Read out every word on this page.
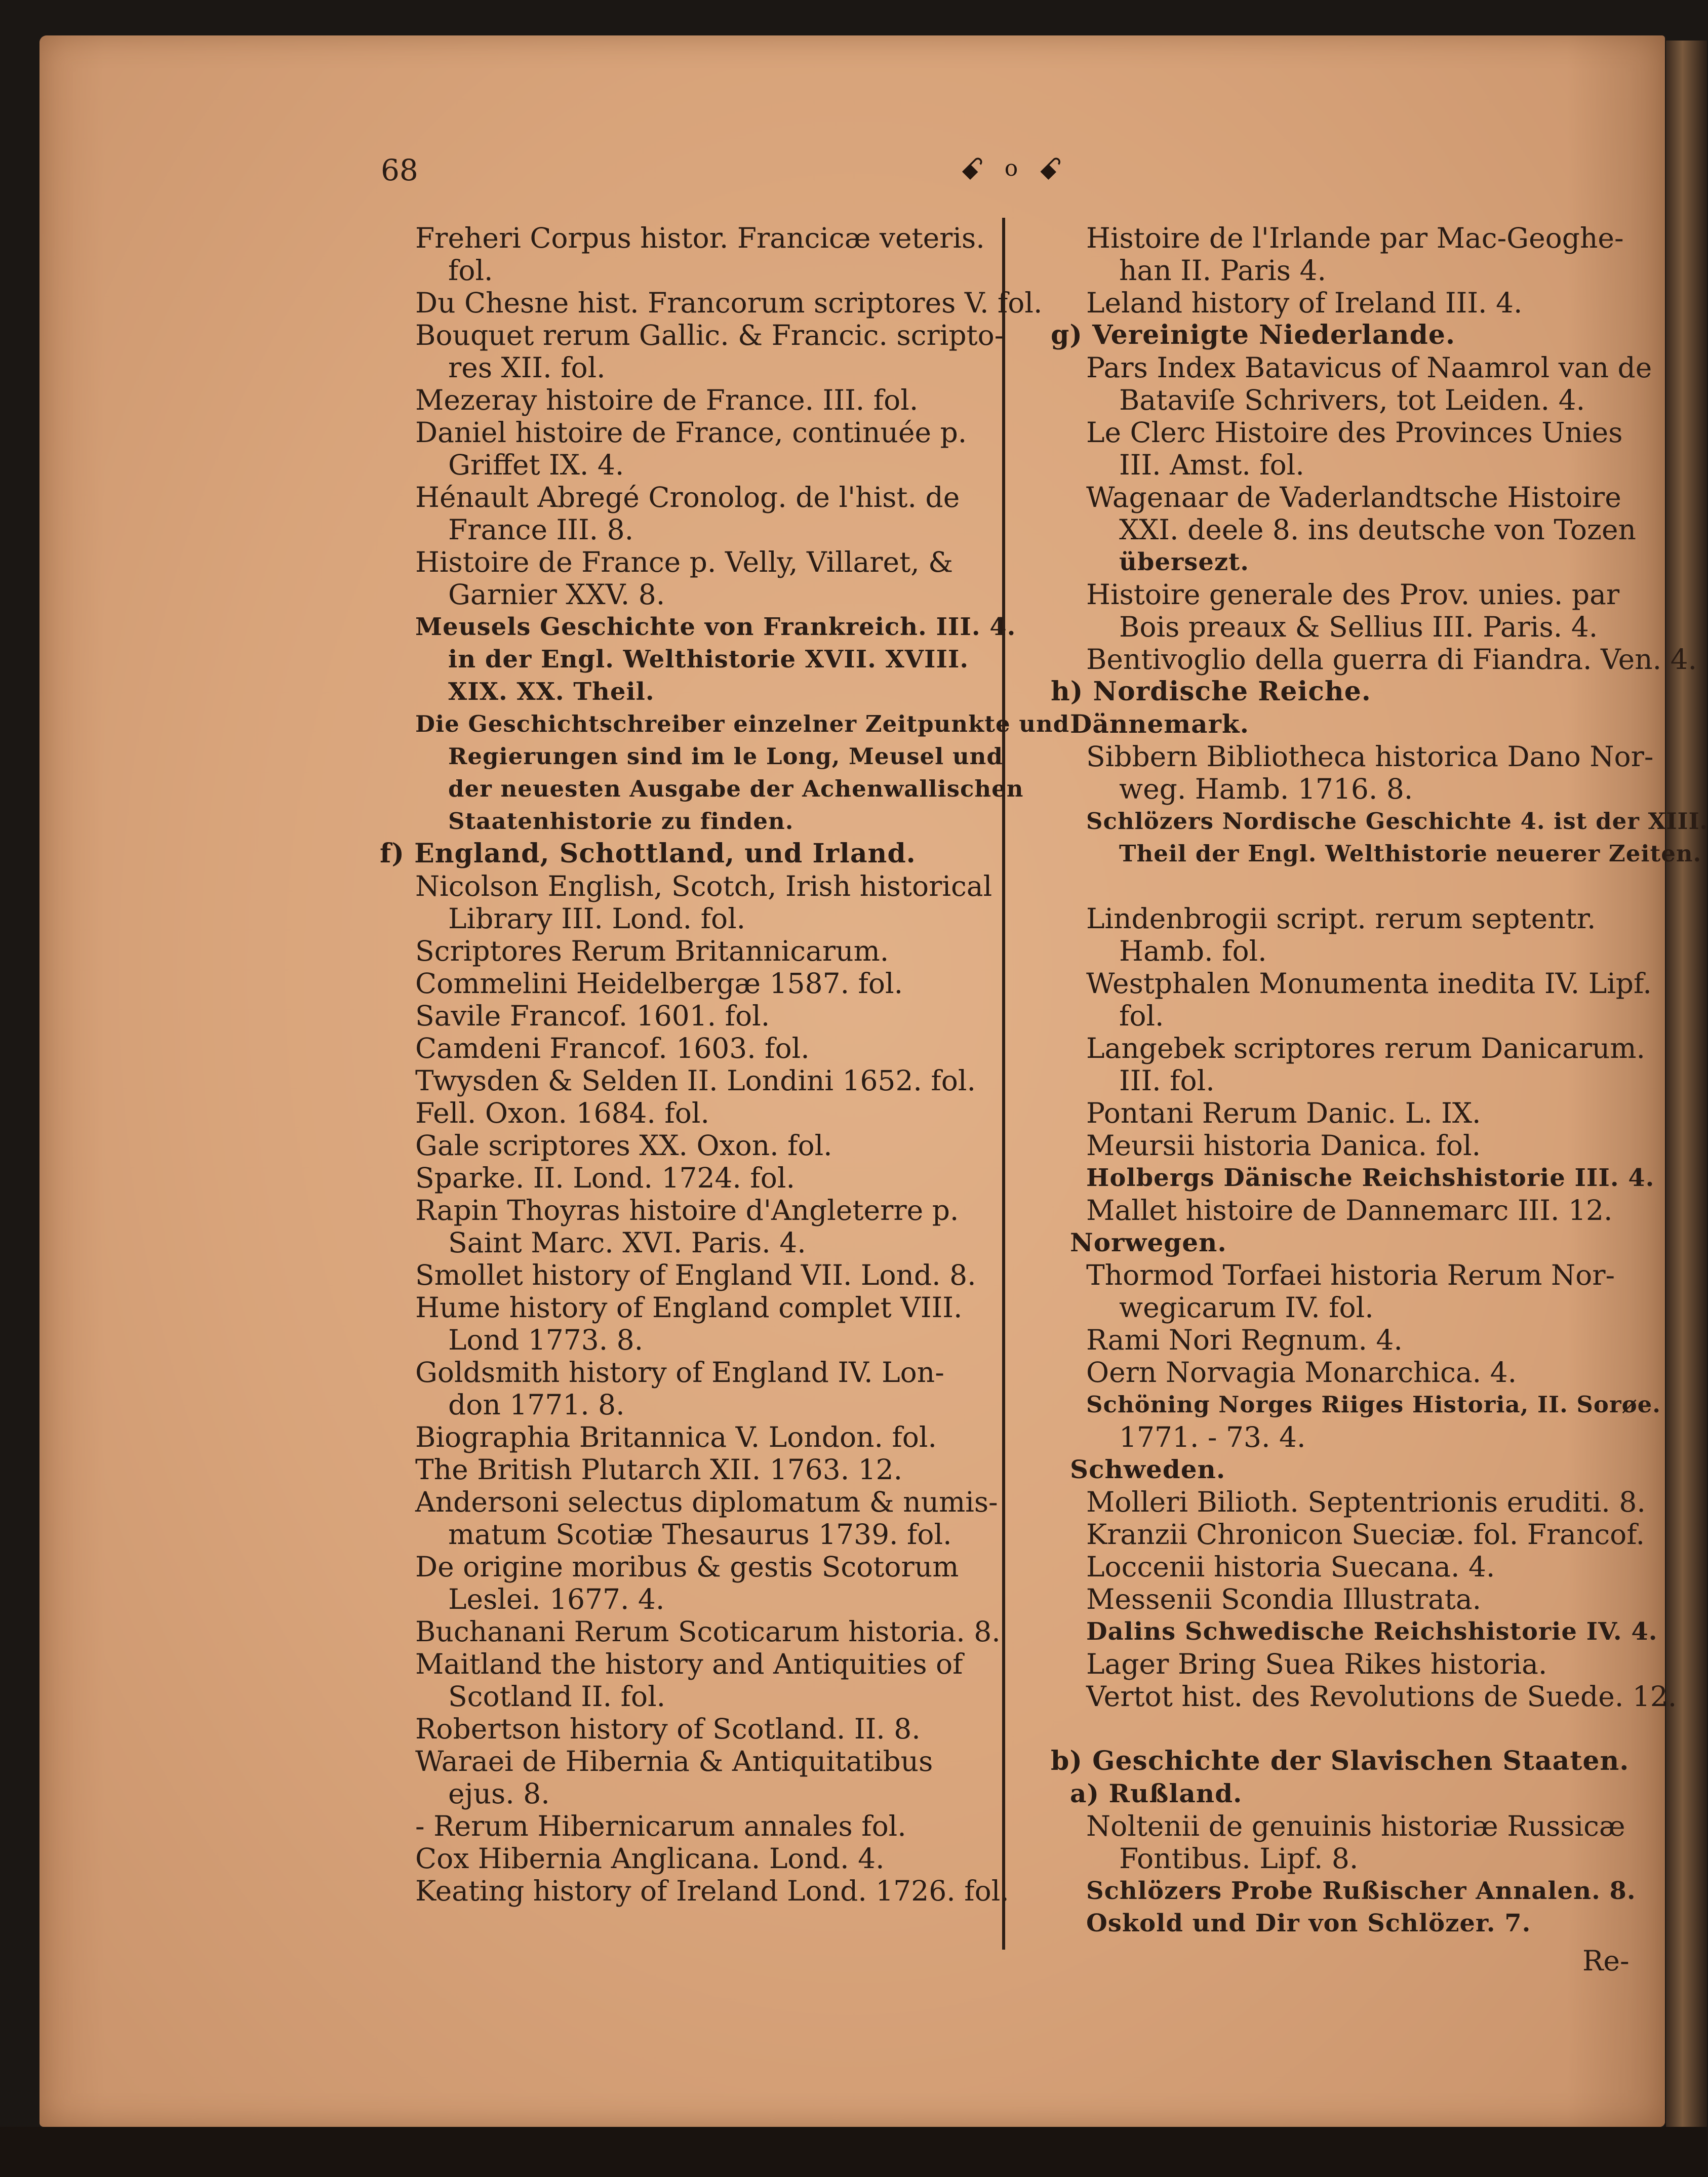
68	ꗃ o ꗃ
Freheri Corpus histor. Francicæ veteris.
fol.
Du Chesne hist. Francorum scriptores V. fol.
Bouquet rerum Gallic. & Francic. scripto-
res XII. fol.
Mezeray histoire de France. III. fol.
Daniel histoire de France, continuée p.
Griffet IX. 4.
Hénault Abregé Cronolog. de l'hist. de
France III. 8.
Histoire de France p. Velly, Villaret, &
Garnier XXV. 8.
Meusels Geschichte von Frankreich. III. 4.
in der Engl. Welthistorie XVII. XVIII.
XIX. XX. Theil.
Die Geschichtschreiber einzelner Zeitpunkte und
Regierungen sind im le Long, Meusel und
der neuesten Ausgabe der Achenwallischen
Staatenhistorie zu finden.
f) England, Schottland, und Irland.
Nicolson English, Scotch, Irish historical
Library III. Lond. fol.
Scriptores Rerum Britannicarum.
Commelini Heidelbergæ 1587. fol.
Savile Francof. 1601. fol.
Camdeni Francof. 1603. fol.
Twysden & Selden II. Londini 1652. fol.
Fell. Oxon. 1684. fol.
Gale scriptores XX. Oxon. fol.
Sparke. II. Lond. 1724. fol.
Rapin Thoyras histoire d'Angleterre p.
Saint Marc. XVI. Paris. 4.
Smollet history of England VII. Lond. 8.
Hume history of England complet VIII.
Lond 1773. 8.
Goldsmith history of England IV. Lon-
don 1771. 8.
Biographia Britannica V. London. fol.
The British Plutarch XII. 1763. 12.
Andersoni selectus diplomatum & numis-
matum Scotiæ Thesaurus 1739. fol.
De origine moribus & gestis Scotorum
Leslei. 1677. 4.
Buchanani Rerum Scoticarum historia. 8.
Maitland the history and Antiquities of
Scotland II. fol.
Robertson history of Scotland. II. 8.
Waraei de Hibernia & Antiquitatibus
ejus. 8.
- Rerum Hibernicarum annales fol.
Cox Hibernia Anglicana. Lond. 4.
Keating history of Ireland Lond. 1726. fol.
Histoire de l'Irlande par Mac-Geoghe-
han II. Paris 4.
Leland history of Ireland III. 4.
g) Vereinigte Niederlande.
Pars Index Batavicus of Naamrol van de
Bataviſe Schrivers, tot Leiden. 4.
Le Clerc Histoire des Provinces Unies
III. Amst. fol.
Wagenaar de Vaderlandtsche Histoire
XXI. deele 8. ins deutsche von Tozen
übersezt.
Histoire generale des Prov. unies. par
Bois preaux & Sellius III. Paris. 4.
Bentivoglio della guerra di Fiandra. Ven. 4.
h) Nordische Reiche.
Dännemark.
Sibbern Bibliotheca historica Dano Nor-
weg. Hamb. 1716. 8.
Schlözers Nordische Geschichte 4. ist der XIII.
Theil der Engl. Welthistorie neuerer Zeiten.
Lindenbrogii script. rerum septentr.
Hamb. fol.
Westphalen Monumenta inedita IV. Lipf.
fol.
Langebek scriptores rerum Danicarum.
III. fol.
Pontani Rerum Danic. L. IX.
Meursii historia Danica. fol.
Holbergs Dänische Reichshistorie III. 4.
Mallet histoire de Dannemarc III. 12.
Norwegen.
Thormod Torfaei historia Rerum Nor-
wegicarum IV. fol.
Rami Nori Regnum. 4.
Oern Norvagia Monarchica. 4.
Schöning Norges Riiges Historia, II. Sorøe.
1771. - 73. 4.
Schweden.
Molleri Bilioth. Septentrionis eruditi. 8.
Kranzii Chronicon Sueciæ. fol. Francof.
Loccenii historia Suecana. 4.
Messenii Scondia Illustrata.
Dalins Schwedische Reichshistorie IV. 4.
Lager Bring Suea Rikes historia.
Vertot hist. des Revolutions de Suede. 12.
b) Geschichte der Slavischen Staaten.
a) Rußland.
Noltenii de genuinis historiæ Russicæ
Fontibus. Lipf. 8.
Schlözers Probe Rußischer Annalen. 8.
Oskold und Dir von Schlözer. 7.
Re-
